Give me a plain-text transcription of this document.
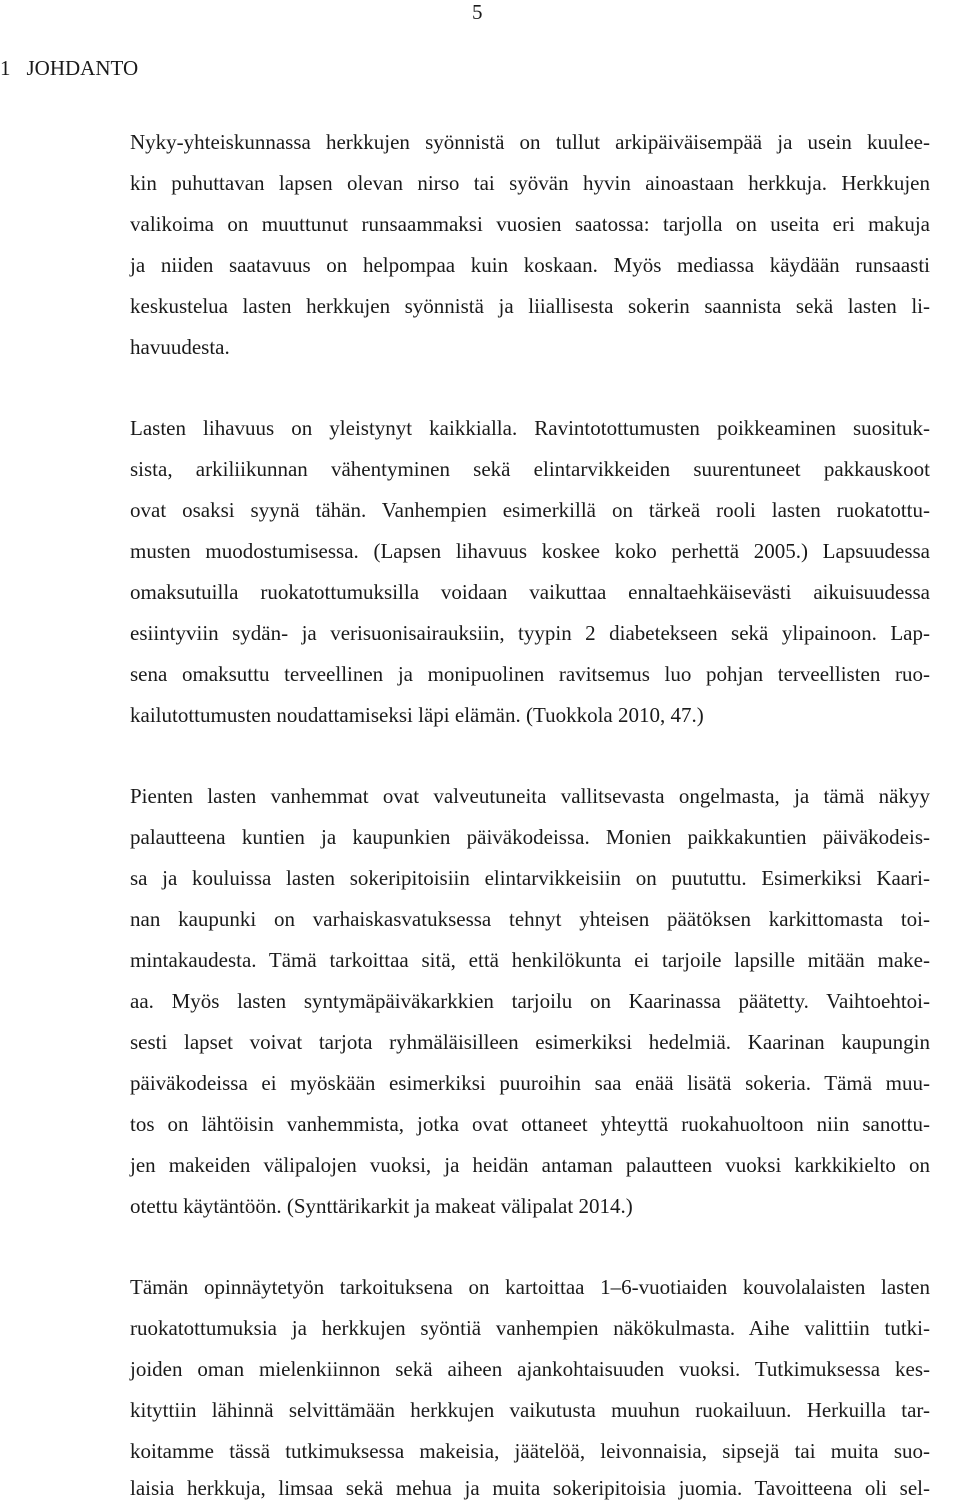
5
1 JOHDANTO

Nyky-yhteiskunnassa herkkujen syönnistä on tullut arkipäiväisempää ja usein kuulee-

kin puhuttavan lapsen olevan nirso tai syövän hyvin ainoastaan herkkuja. Herkkujen

valikoima on muuttunut runsaammaksi vuosien saatossa: tarjolla on useita eri makuja

ja niiden saatavuus on helpompaa kuin koskaan. Myös mediassa käydään runsaasti

keskustelua lasten herkkujen syönnistä ja liiallisesta sokerin saannista sekä lasten li-

havuudesta.

Lasten lihavuus on yleistynyt kaikkialla. Ravintotottumusten poikkeaminen suosituk-

sista, arkiliikunnan vähentyminen sekä elintarvikkeiden suurentuneet pakkauskoot

ovat osaksi syynä tähän. Vanhempien esimerkillä on tärkeä rooli lasten ruokatottu-

musten muodostumisessa. (Lapsen lihavuus koskee koko perhettä 2005.) Lapsuudessa

omaksutuilla ruokatottumuksilla voidaan vaikuttaa ennaltaehkäisevästi aikuisuudessa

esiintyviin sydän- ja verisuonisairauksiin, tyypin 2 diabetekseen sekä ylipainoon. Lap-

sena omaksuttu terveellinen ja monipuolinen ravitsemus luo pohjan terveellisten ruo-

kailutottumusten noudattamiseksi läpi elämän. (Tuokkola 2010, 47.)

Pienten lasten vanhemmat ovat valveutuneita vallitsevasta ongelmasta, ja tämä näkyy

palautteena kuntien ja kaupunkien päiväkodeissa. Monien paikkakuntien päiväkodeis-

sa ja kouluissa lasten sokeripitoisiin elintarvikkeisiin on puututtu. Esimerkiksi Kaari-

nan kaupunki on varhaiskasvatuksessa tehnyt yhteisen päätöksen karkittomasta toi-

mintakaudesta. Tämä tarkoittaa sitä, että henkilökunta ei tarjoile lapsille mitään make-

aa. Myös lasten syntymäpäiväkarkkien tarjoilu on Kaarinassa päätetty. Vaihtoehtoi-

sesti lapset voivat tarjota ryhmäläisilleen esimerkiksi hedelmiä. Kaarinan kaupungin

päiväkodeissa ei myöskään esimerkiksi puuroihin saa enää lisätä sokeria. Tämä muu-

tos on lähtöisin vanhemmista, jotka ovat ottaneet yhteyttä ruokahuoltoon niin sanottu-

jen makeiden välipalojen vuoksi, ja heidän antaman palautteen vuoksi karkkikielto on

otettu käytäntöön. (Synttärikarkit ja makeat välipalat 2014.)

Tämän opinnäytetyön tarkoituksena on kartoittaa 1–6-vuotiaiden kouvolalaisten lasten

ruokatottumuksia ja herkkujen syöntiä vanhempien näkökulmasta. Aihe valittiin tutki-

joiden oman mielenkiinnon sekä aiheen ajankohtaisuuden vuoksi. Tutkimuksessa kes-

kityttiin lähinnä selvittämään herkkujen vaikutusta muuhun ruokailuun. Herkuilla tar-

koitamme tässä tutkimuksessa makeisia, jäätelöä, leivonnaisia, sipsejä tai muita suo-

laisia herkkuja, limsaa sekä mehua ja muita sokeripitoisia juomia. Tavoitteena oli sel-
